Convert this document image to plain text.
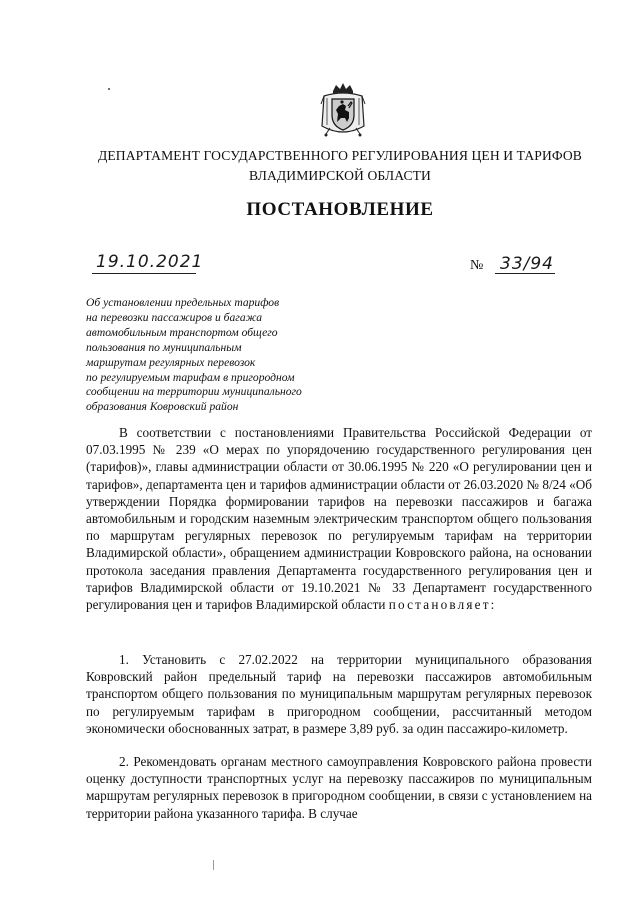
ДЕПАРТАМЕНТ ГОСУДАРСТВЕННОГО РЕГУЛИРОВАНИЯ ЦЕН И ТАРИФОВ
ВЛАДИМИРСКОЙ ОБЛАСТИ
ПОСТАНОВЛЕНИЕ
19.10.2021	№ 33/94
Об установлении предельных тарифов
на перевозки пассажиров и багажа
автомобильным транспортом общего
пользования по муниципальным
маршрутам регулярных перевозок
по регулируемым тарифам в пригородном
сообщении на территории муниципального
образования Ковровский район
В соответствии с постановлениями Правительства Российской Федерации от 07.03.1995 № 239 «О мерах по упорядочению государственного регулирования цен (тарифов)», главы администрации области от 30.06.1995 № 220 «О регулировании цен и тарифов», департамента цен и тарифов администрации области от 26.03.2020 № 8/24 «Об утверждении Порядка формировании тарифов на перевозки пассажиров и багажа автомобильным и городским наземным электрическим транспортом общего пользования по маршрутам регулярных перевозок по регулируемым тарифам на территории Владимирской области», обращением администрации Ковровского района, на основании протокола заседания правления Департамента государственного регулирования цен и тарифов Владимирской области от 19.10.2021 № 33 Департамент государственного регулирования цен и тарифов Владимирской области постановляет:
1. Установить с 27.02.2022 на территории муниципального образования Ковровский район предельный тариф на перевозки пассажиров автомобильным транспортом общего пользования по муниципальным маршрутам регулярных перевозок по регулируемым тарифам в пригородном сообщении, рассчитанный методом экономически обоснованных затрат, в размере 3,89 руб. за один пассажиро-километр.
2. Рекомендовать органам местного самоуправления Ковровского района провести оценку доступности транспортных услуг на перевозку пассажиров по муниципальным маршрутам регулярных перевозок в пригородном сообщении, в связи с установлением на территории района указанного тарифа. В случае
